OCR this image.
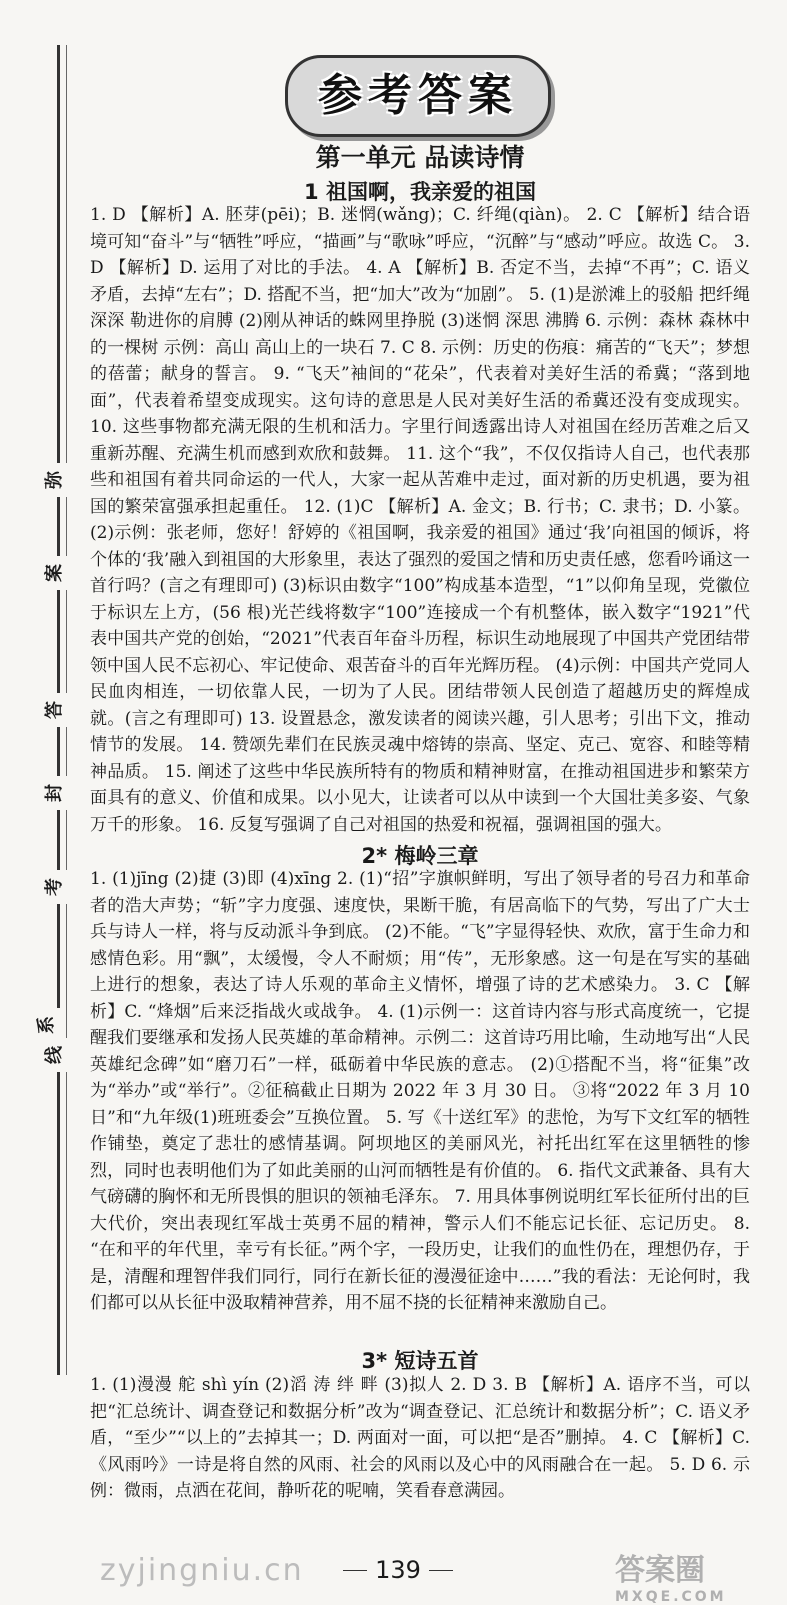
弥
案
答
封
考
线
系
参考答案
第一单元 品读诗情
1 祖国啊，我亲爱的祖国
1. D 【解析】A. 胚芽(pēi)；B. 迷惘(wǎng)；C. 纤绳(qiàn)。 2. C 【解析】结合语境可知“奋斗”与“牺牲”呼应，“描画”与“歌咏”呼应，“沉醉”与“感动”呼应。故选 C。 3. D 【解析】D. 运用了对比的手法。 4. A 【解析】B. 否定不当，去掉“不再”；C. 语义矛盾，去掉“左右”；D. 搭配不当，把“加大”改为“加剧”。 5. (1)是淤滩上的驳船 把纤绳深深 勒进你的肩膊 (2)刚从神话的蛛网里挣脱 (3)迷惘 深思 沸腾 6. 示例：森林 森林中的一棵树 示例：高山 高山上的一块石 7. C 8. 示例：历史的伤痕：痛苦的“飞天”；梦想的蓓蕾；献身的誓言。 9. “飞天”袖间的“花朵”，代表着对美好生活的希冀；“落到地面”，代表着希望变成现实。这句诗的意思是人民对美好生活的希冀还没有变成现实。 10. 这些事物都充满无限的生机和活力。字里行间透露出诗人对祖国在经历苦难之后又重新苏醒、充满生机而感到欢欣和鼓舞。 11. 这个“我”，不仅仅指诗人自己，也代表那些和祖国有着共同命运的一代人，大家一起从苦难中走过，面对新的历史机遇，要为祖国的繁荣富强承担起重任。 12. (1)C 【解析】A. 金文；B. 行书；C. 隶书；D. 小篆。 (2)示例：张老师，您好！舒婷的《祖国啊，我亲爱的祖国》通过‘我’向祖国的倾诉，将个体的‘我’融入到祖国的大形象里，表达了强烈的爱国之情和历史责任感，您看吟诵这一首行吗？(言之有理即可) (3)标识由数字“100”构成基本造型，“1”以仰角呈现，党徽位于标识左上方，(56 根)光芒线将数字“100”连接成一个有机整体，嵌入数字“1921”代表中国共产党的创始，“2021”代表百年奋斗历程，标识生动地展现了中国共产党团结带领中国人民不忘初心、牢记使命、艰苦奋斗的百年光辉历程。 (4)示例：中国共产党同人民血肉相连，一切依靠人民，一切为了人民。团结带领人民创造了超越历史的辉煌成就。(言之有理即可) 13. 设置悬念，激发读者的阅读兴趣，引人思考；引出下文，推动情节的发展。 14. 赞颂先辈们在民族灵魂中熔铸的崇高、坚定、克己、宽容、和睦等精神品质。 15. 阐述了这些中华民族所特有的物质和精神财富，在推动祖国进步和繁荣方面具有的意义、价值和成果。以小见大，让读者可以从中读到一个大国壮美多姿、气象万千的形象。 16. 反复写强调了自己对祖国的热爱和祝福，强调祖国的强大。
2* 梅岭三章
1. (1)jīng (2)捷 (3)即 (4)xīng 2. (1)“招”字旗帜鲜明，写出了领导者的号召力和革命者的浩大声势；“斩”字力度强、速度快，果断干脆，有居高临下的气势，写出了广大士兵与诗人一样，将与反动派斗争到底。 (2)不能。“飞”字显得轻快、欢欣，富于生命力和感情色彩。用“飘”，太缓慢，令人不耐烦；用“传”，无形象感。这一句是在写实的基础上进行的想象，表达了诗人乐观的革命主义情怀，增强了诗的艺术感染力。 3. C 【解析】C. “烽烟”后来泛指战火或战争。 4. (1)示例一：这首诗内容与形式高度统一，它提醒我们要继承和发扬人民英雄的革命精神。示例二：这首诗巧用比喻，生动地写出“人民英雄纪念碑”如“磨刀石”一样，砥砺着中华民族的意志。 (2)①搭配不当，将“征集”改为“举办”或“举行”。②征稿截止日期为 2022 年 3 月 30 日。 ③将“2022 年 3 月 10 日”和“九年级(1)班班委会”互换位置。 5. 写《十送红军》的悲怆，为写下文红军的牺牲作铺垫，奠定了悲壮的感情基调。阿坝地区的美丽风光，衬托出红军在这里牺牲的惨烈，同时也表明他们为了如此美丽的山河而牺牲是有价值的。 6. 指代文武兼备、具有大气磅礴的胸怀和无所畏惧的胆识的领袖毛泽东。 7. 用具体事例说明红军长征所付出的巨大代价，突出表现红军战士英勇不屈的精神，警示人们不能忘记长征、忘记历史。 8. “在和平的年代里，幸亏有长征。”两个字，一段历史，让我们的血性仍在，理想仍存，于是，清醒和理智伴我们同行，同行在新长征的漫漫征途中……”我的看法：无论何时，我们都可以从长征中汲取精神营养，用不屈不挠的长征精神来激励自己。
3* 短诗五首
1. (1)漫漫 舵 shì yín (2)滔 涛 绊 畔 (3)拟人 2. D 3. B 【解析】A. 语序不当，可以把“汇总统计、调查登记和数据分析”改为“调查登记、汇总统计和数据分析”；C. 语义矛盾，“至少”“以上的”去掉其一；D. 两面对一面，可以把“是否”删掉。 4. C 【解析】C. 《风雨吟》一诗是将自然的风雨、社会的风雨以及心中的风雨融合在一起。 5. D 6. 示例：微雨，点洒在花间，静听花的呢喃，笑看春意满园。
zyjingniu.cn	139	答案圈
MXQE.COM
